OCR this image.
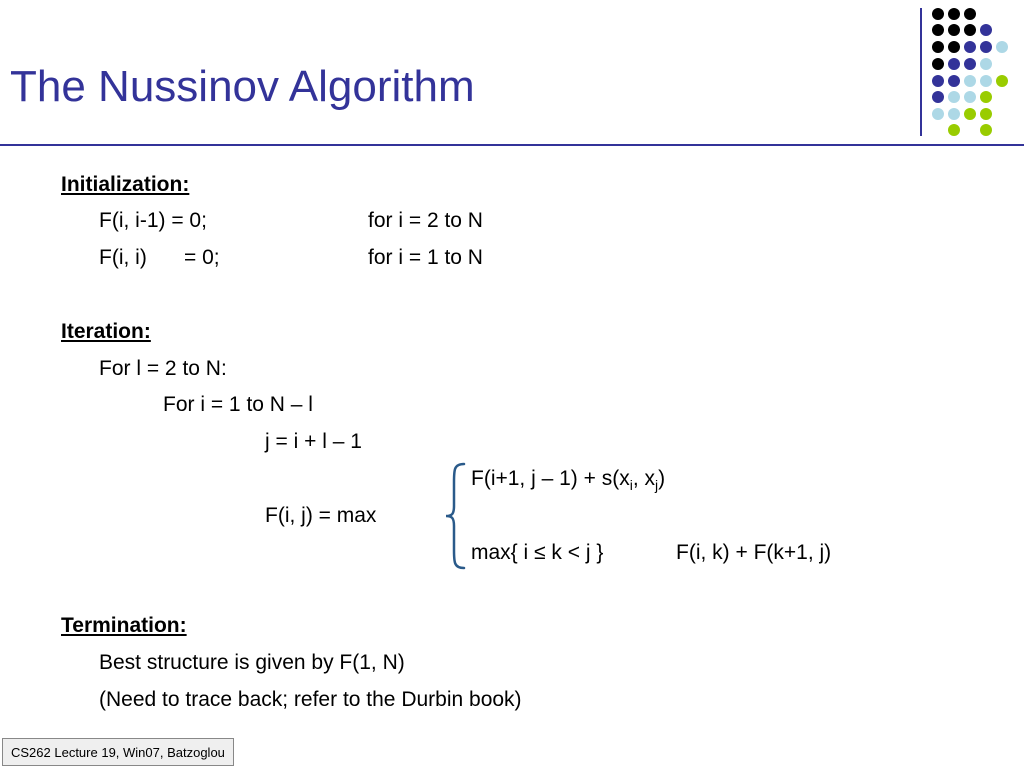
The Nussinov Algorithm
Initialization:
F(i, i-1) = 0;	for i = 2 to N
F(i, i) = 0;	for i = 1 to N
Iteration:
For l = 2 to N:
For i = 1 to N – l
j = i + l – 1
F(i+1, $j - 1) + s(x_i$, $x_j$)
F(i, j) = max
max{ i ≤ k < j }	F(i, k) + F(k+1, j)
Termination:
Best structure is given by F(1, N)
(Need to trace back; refer to the Durbin book)
CS262 Lecture 19, Win07, Batzoglou
